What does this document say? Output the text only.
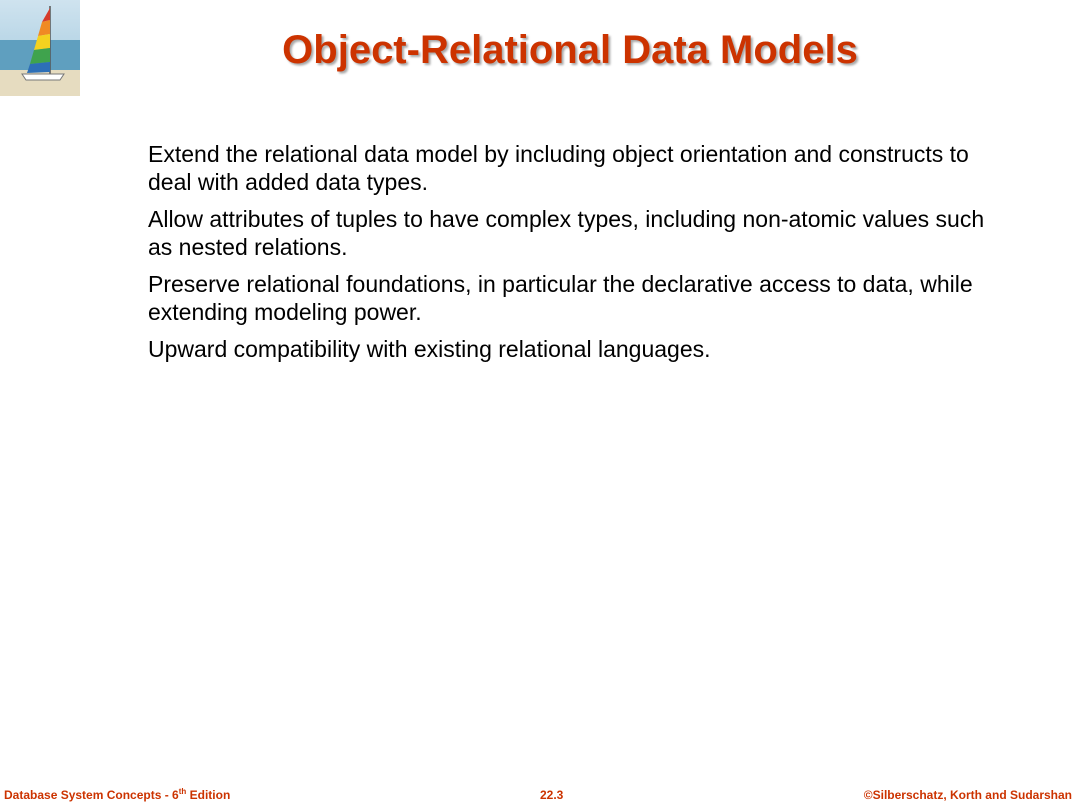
Object-Relational Data Models
Extend the relational data model by including object orientation and constructs to deal with added data types.
Allow attributes of tuples to have complex types, including non-atomic values such as nested relations.
Preserve relational foundations, in particular the declarative access to data, while extending modeling power.
Upward compatibility with existing relational languages.
Database System Concepts - 6th Edition	22.3	©Silberschatz, Korth and Sudarshan
